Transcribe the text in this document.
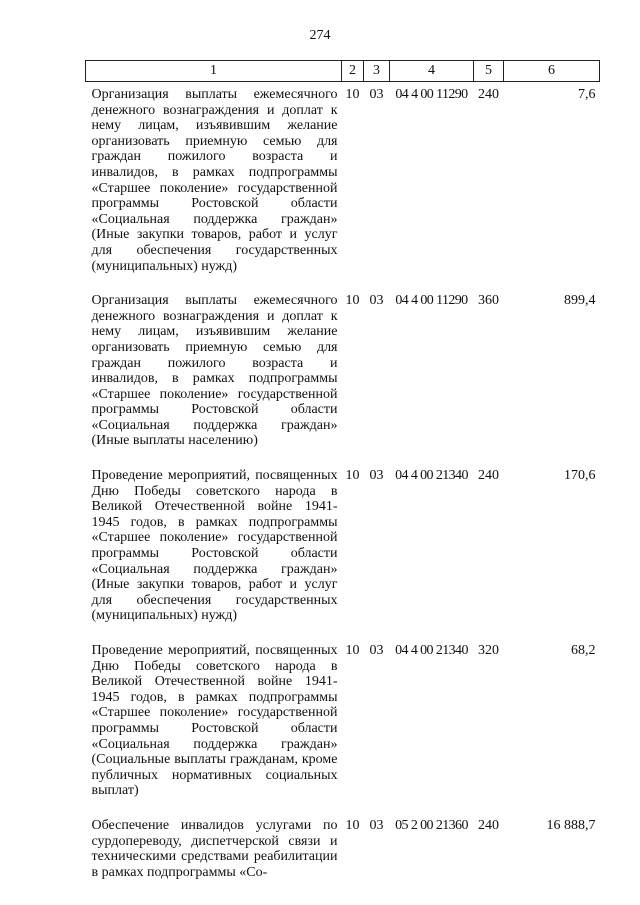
274
1	2	3	4	5	6
Организация выплаты ежемесячного денежного вознаграждения и доплат к нему лицам, изъявившим желание организовать приемную семью для граждан пожилого возраста и инвалидов, в рамках подпрограммы «Старшее поколение» государственной программы Ростовской области «Социальная поддержка граждан» (Иные закупки товаров, работ и услуг для обеспечения государственных (муниципальных) нужд)	10	03	04 4 00 11290	240	7,6
Организация выплаты ежемесячного денежного вознаграждения и доплат к нему лицам, изъявившим желание организовать приемную семью для граждан пожилого возраста и инвалидов, в рамках подпрограммы «Старшее поколение» государственной программы Ростовской области «Социальная поддержка граждан» (Иные выплаты населению)	10	03	04 4 00 11290	360	899,4
Проведение мероприятий, посвященных Дню Победы советского народа в Великой Отечественной войне 1941-1945 годов, в рамках подпрограммы «Старшее поколение» государственной программы Ростовской области «Социальная поддержка граждан» (Иные закупки товаров, работ и услуг для обеспечения государственных (муниципальных) нужд)	10	03	04 4 00 21340	240	170,6
Проведение мероприятий, посвященных Дню Победы советского народа в Великой Отечественной войне 1941-1945 годов, в рамках подпрограммы «Старшее поколение» государственной программы Ростовской области «Социальная поддержка граждан» (Социальные выплаты гражданам, кроме публичных нормативных социальных выплат)	10	03	04 4 00 21340	320	68,2
Обеспечение инвалидов услугами по сурдопереводу, диспетчерской связи и техническими средствами реабилитации в рамках подпрограммы «Со-	10	03	05 2 00 21360	240	16 888,7
